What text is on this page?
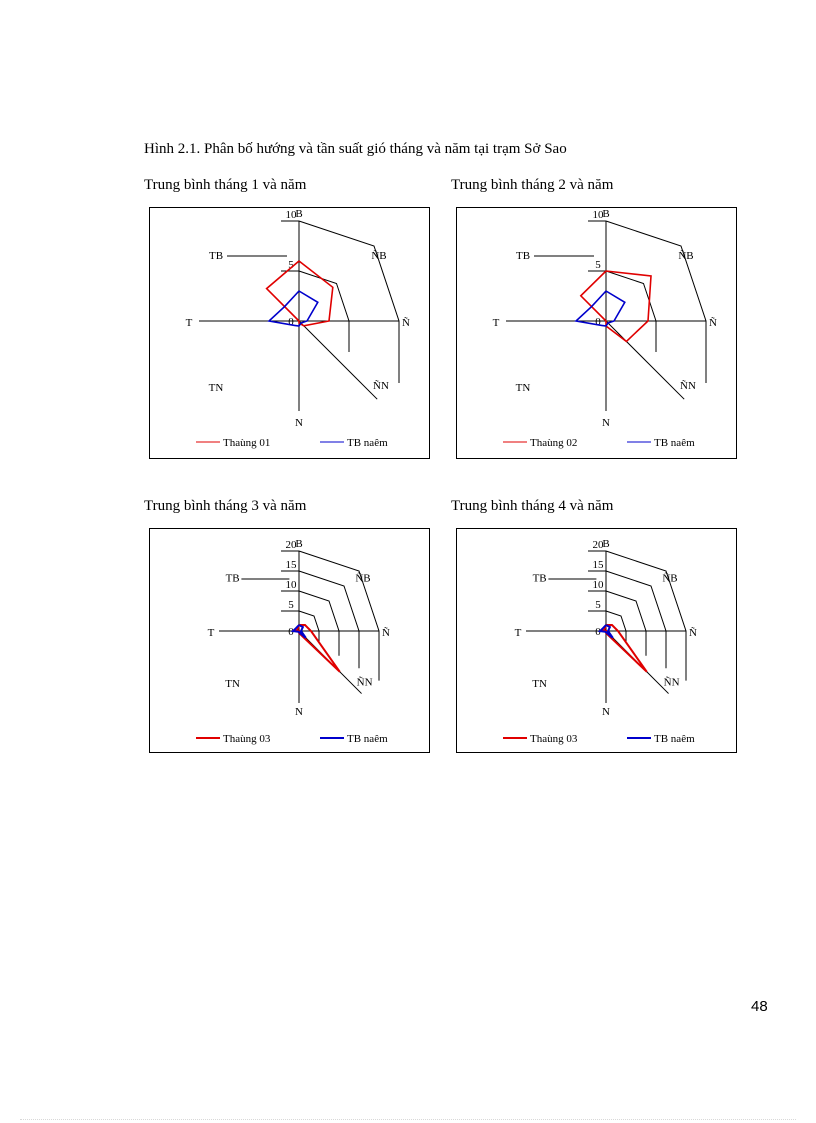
Hình 2.1. Phân bố hướng và tần suất gió tháng và năm tại trạm Sở Sao
Trung bình tháng 1 và năm	Trung bình tháng 2 và năm
Trung bình tháng 3 và năm	Trung bình tháng 4 và năm
10
5
0
B
ÑB
Ñ
ÑN
N
TN
T
TB
Thaùng 01	TB naêm
10
5
0
B
ÑB
Ñ
ÑN
N
TN
T
TB
Thaùng 02	TB naêm
20
15
10
5
0
B
ÑB
Ñ
ÑN
N
TN
T
TB
Thaùng 03	TB naêm
20
15
10
5
0
B
ÑB
Ñ
ÑN
N
TN
T
TB
Thaùng 03	TB naêm
48
